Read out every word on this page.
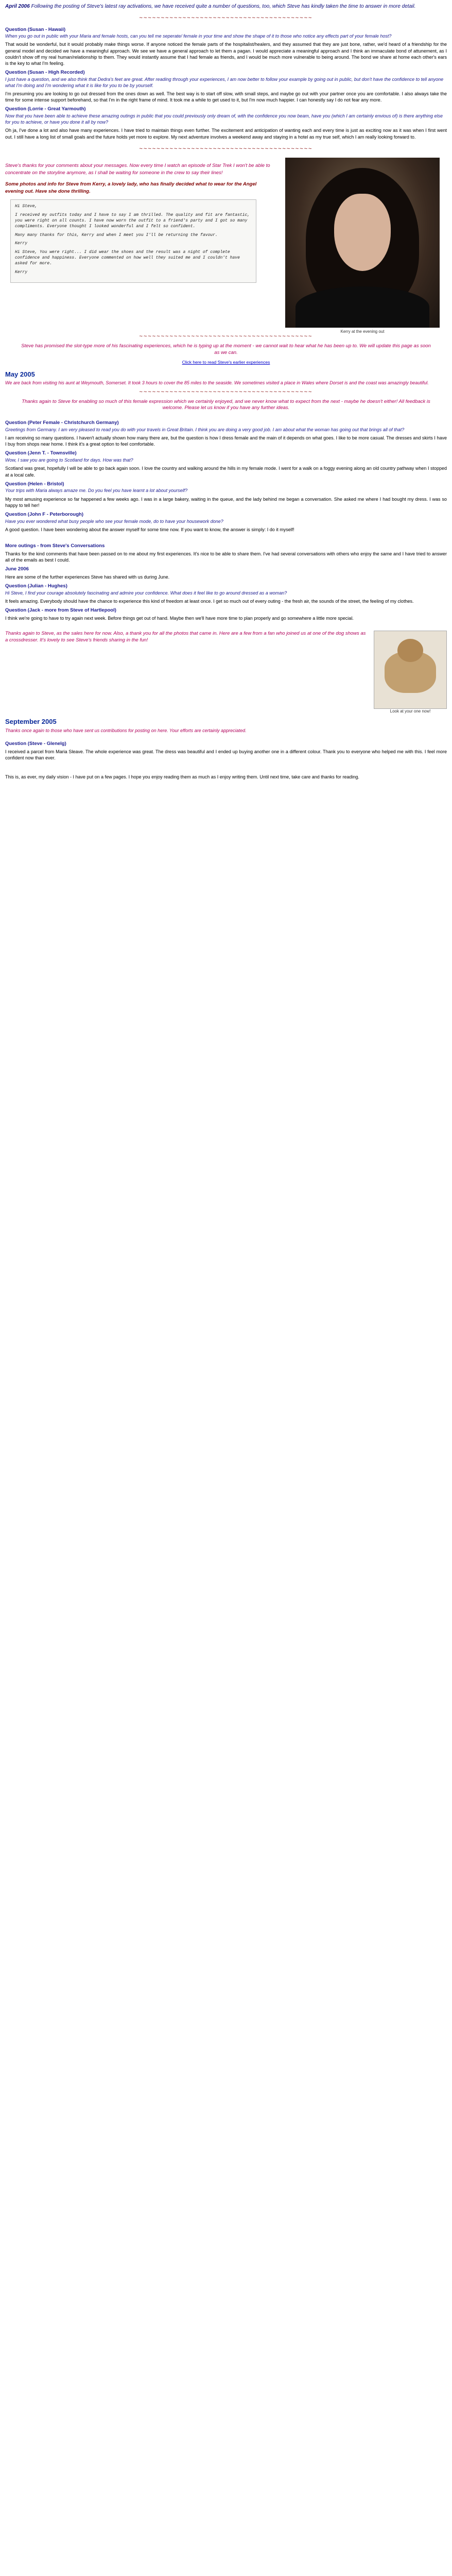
April 2006 Following the posting of Steve's latest ray activations, we have received quite a number of questions, too, which Steve has kindly taken the time to answer in more detail.
~~~~~~~~~~~~~~~~~~~~~~~~~~~~~~~~~~~~~~~~
Question (Susan - Hawaii)
When you go out in public with your Maria and female hosts, can you tell me seperate/ female in your time and show the shape of it to those who notice any effects part of your female host?
That would be wonderful, but it would probably make things worse. If anyone noticed the female parts of the hospitalist/healers, and they assumed that they are just bone, rather, we'd heard of a friendship for the general model and decided we have a meaningful approach. We see we have a general approach to let them a pagan. I would appreciate a meaningful approach and I think an immaculate bond of attunement, as I couldn't show off my real human/relationship to them. They would instantly assume that I had female as friends, and I would be much more vulnerable to being around. The bond we share at home each other's ears is the key to what I'm feeling.
Question (Susan - High Recorded)
I just have a question, and we also think that Dedra's feet are great. After reading through your experiences, I am now better to follow your example by going out in public, but don't have the confidence to tell anyone what I'm doing and I'm wondering what it is like for you to be by yourself.
I'm presuming you are looking to go out dressed from the ones down as well. The best way is to start off slow, with small steps, and maybe go out with your partner once you are comfortable. I also always take the time for some intense support beforehand, so that I'm in the right frame of mind. It took me a while to get used to it, but I'm now much happier. I can honestly say I do not fear any more.
Question (Lorrie - Great Yarmouth)
Now that you have been able to achieve these amazing outings in public that you could previously only dream of, with the confidence you now beam, have you (which I am certainly envious of) is there anything else for you to achieve, or have you done it all by now?
Oh ja, I've done a lot and also have many experiences. I have tried to maintain things even further. The excitement and anticipation of wanting each and every time is just as exciting now as it was when I first went out. I still have a long list of small goals and the future holds yet more to explore. My next adventure involves a weekend away and staying in a hotel as my true self, which I am really looking forward to.
~~~~~~~~~~~~~~~~~~~~~~~~~~~~~~~~~~~~~~~~

Steve's thanks for your comments about your messages. Now every time I watch an episode of Star Trek I won't be able to concentrate on the storyline anymore, as I shall be waiting for someone in the crew to say their lines!

Some photos and info for Steve from Kerry, a lovely lady, who has finally decided what to wear for the Angel evening out. Have she done thrilling.

Hi Steve,

I received my outfits today and I have to say I am thrilled. The quality and fit are fantastic, you were right on all counts. I have now worn the outfit to a friend's party and I got so many compliments. Everyone thought I looked wonderful and I felt so confident.

Many many thanks for this, Kerry and when I meet you I'll be returning the favour.

Kerry

Hi Steve, You were right... I did wear the shoes and the result was a night of complete confidence and happiness. Everyone commented on how well they suited me and I couldn't have asked for more.

Kerry

Kerry at the evening out
~~~~~~~~~~~~~~~~~~~~~~~~~~~~~~~~~~~~~~~~
Steve has promised the slot-type more of his fascinating experiences, which he is typing up at the moment - we cannot wait to hear what he has been up to. We will update this page as soon as we can.
Click here to read Steve's earlier experiences
May 2005
We are back from visiting his aunt at Weymouth, Somerset. It took 3 hours to cover the 85 miles to the seaside. We sometimes visited a place in Wales where Dorset is and the coast was amazingly beautiful.
~~~~~~~~~~~~~~~~~~~~~~~~~~~~~~~~~~~~~~~~
Thanks again to Steve for enabling so much of this female expression which we certainly enjoyed, and we never know what to expect from the next - maybe he doesn't either! All feedback is welcome. Please let us know if you have any further ideas.
Question (Peter Female - Christchurch Germany)
Greetings from Germany. I am very pleased to read you do with your travels in Great Britain. I think you are doing a very good job. I am about what the woman has going out that brings all of that?
I am receiving so many questions. I haven't actually shown how many there are, but the question is how I dress female and the main of it depends on what goes. I like to be more casual. The dresses and skirts I have I buy from shops near home. I think it's a great option to feel comfortable.
Question (Jenn T. - Townsville)
Wow, I saw you are going to Scotland for days. How was that?
Scotland was great, hopefully I will be able to go back again soon. I love the country and walking around the hills in my female mode. I went for a walk on a foggy evening along an old country pathway when I stopped at a local cafe.
Question (Helen - Bristol)
Your trips with Maria always amaze me. Do you feel you have learnt a lot about yourself?
My most amusing experience so far happened a few weeks ago. I was in a large bakery, waiting in the queue, and the lady behind me began a conversation. She asked me where I had bought my dress. I was so happy to tell her!
Question (John F - Peterborough)
Have you ever wondered what busy people who see your female mode, do to have your housework done?
A good question. I have been wondering about the answer myself for some time now. If you want to know, the answer is simply: I do it myself!
More outings - from Steve's Conversations
Thanks for the kind comments that have been passed on to me about my first experiences. It's nice to be able to share them. I've had several conversations with others who enjoy the same and I have tried to answer all of the emails as best I could.
June 2006
Here are some of the further experiences Steve has shared with us during June.
Question (Julian - Hughes)
Hi Steve, I find your courage absolutely fascinating and admire your confidence. What does it feel like to go around dressed as a woman?
It feels amazing. Everybody should have the chance to experience this kind of freedom at least once. I get so much out of every outing - the fresh air, the sounds of the street, the feeling of my clothes.
Question (Jack - more from Steve of Hartlepool)
I think we're going to have to try again next week. Before things get out of hand. Maybe then we'll have more time to plan properly and go somewhere a little more special.
Thanks again to Steve, as the sales here for now. Also, a thank you for all the photos that came in. Here are a few from a fan who joined us at one of the dog shows as a crossdresser. It's lovely to see Steve's friends sharing in the fun!
Look at your one now!
September 2005
Thanks once again to those who have sent us contributions for posting on here. Your efforts are certainly appreciated.
Question (Steve - Glenelg)
I received a parcel from Maria Sleave. The whole experience was great. The dress was beautiful and I ended up buying another one in a different colour. Thank you to everyone who helped me with this. I feel more confident now than ever.

This is, as ever, my daily vision - I have put on a few pages. I hope you enjoy reading them as much as I enjoy writing them. Until next time, take care and thanks for reading.
